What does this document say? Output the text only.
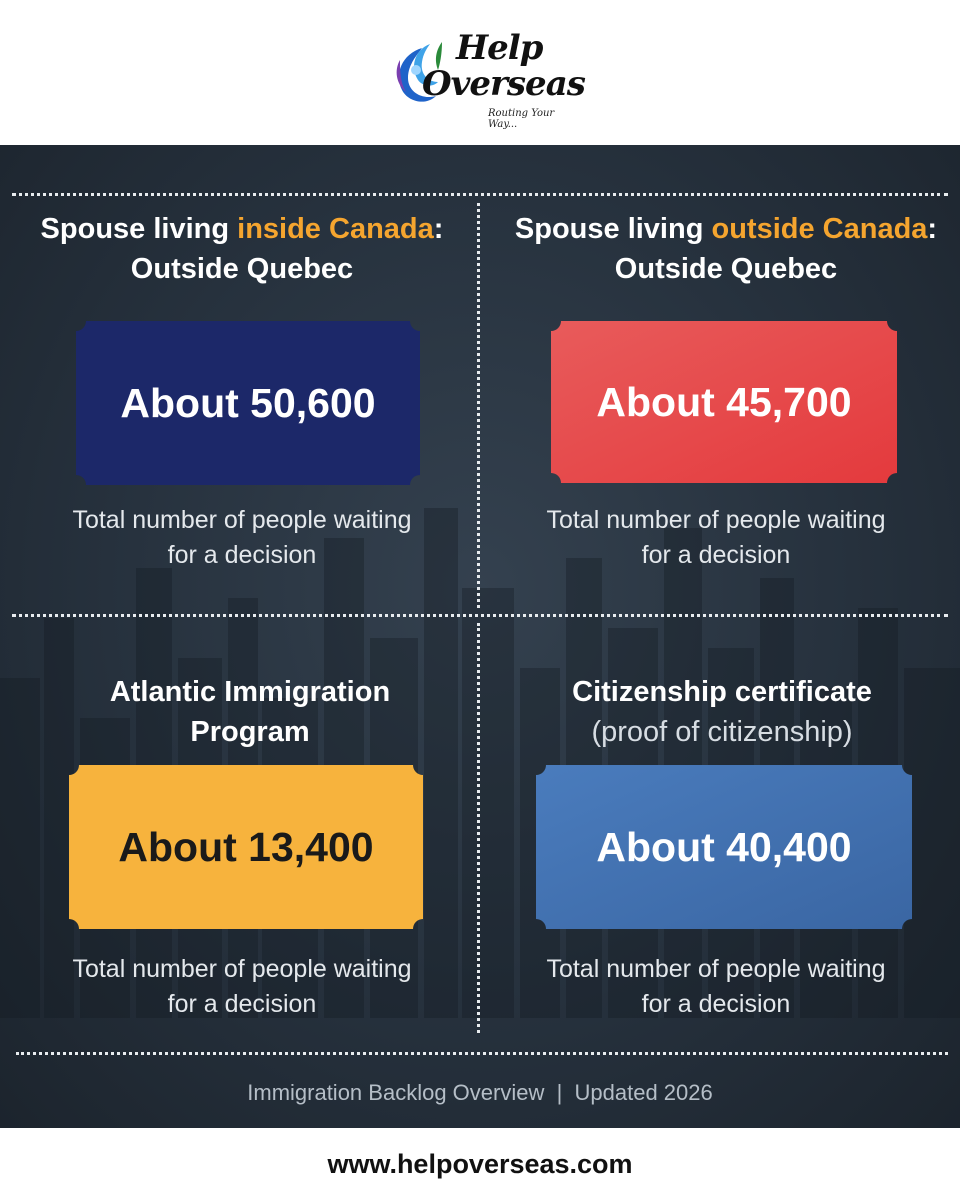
Help
Overseas
Routing Your Way...
Spouse living inside Canada:
Outside Quebec
About 50,600
Total number of people waiting
for a decision
Spouse living outside Canada:
Outside Quebec
About 45,700
Total number of people waiting
for a decision
Atlantic Immigration
Program
About 13,400
Total number of people waiting
for a decision
Citizenship certificate
(proof of citizenship)
About 40,400
Total number of people waiting
for a decision
Immigration Backlog Overview  |  Updated 2026
www.helpoverseas.com
